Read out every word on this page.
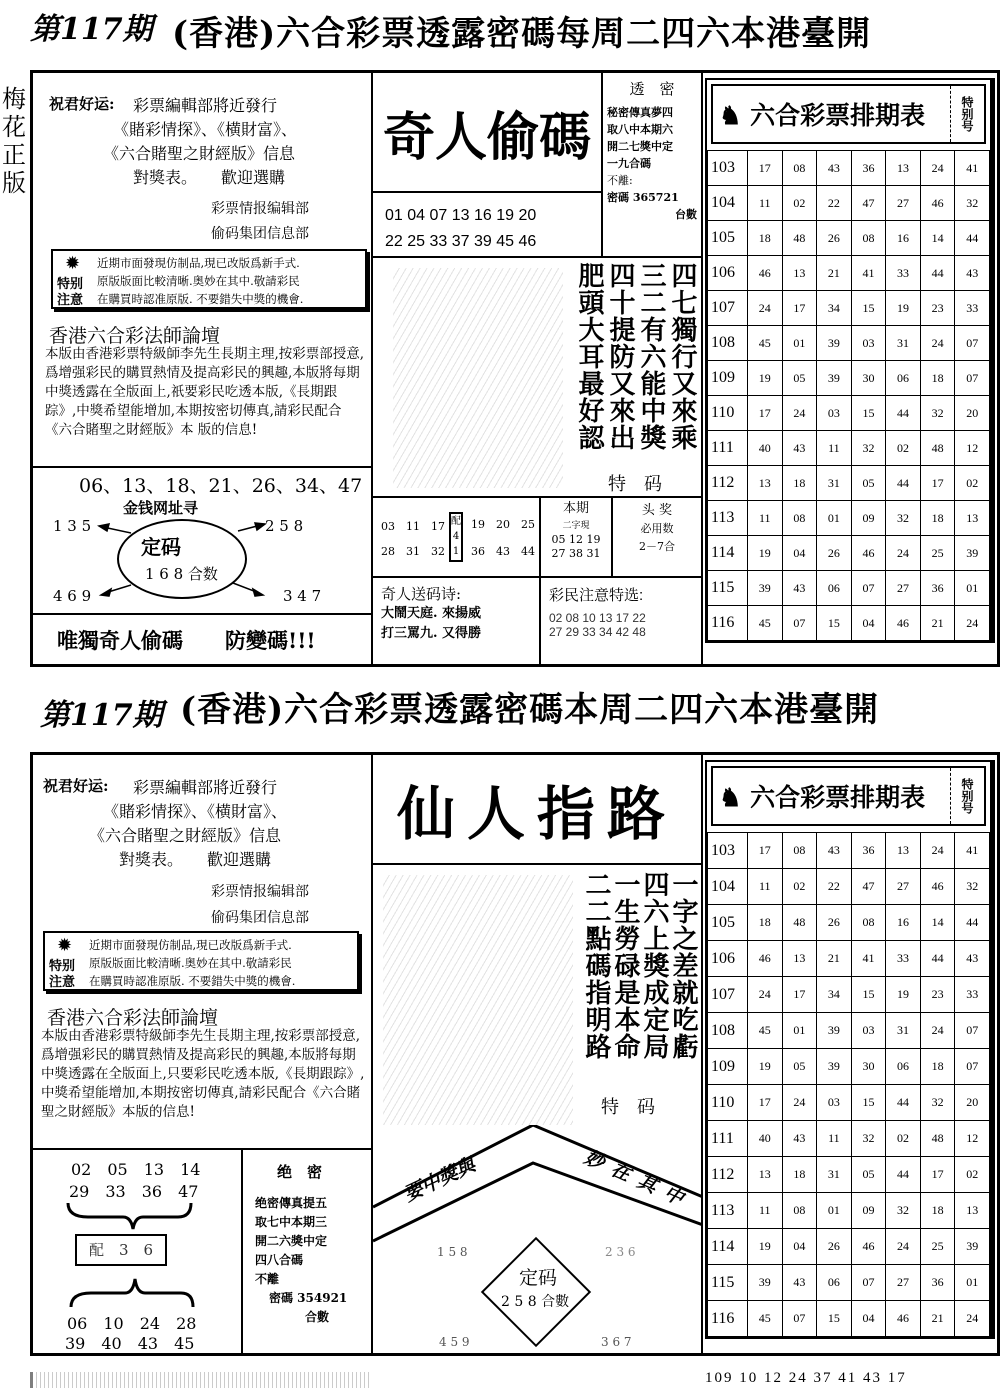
第117期 (香港)六合彩票透露密碼每周二四六本港臺開
梅花正版
祝君好运: 彩票編輯部將近發行
《賭彩情探》、《横財富》、
《六合賭聖之財經版》信息
對獎表。　　歡迎選購
彩票情报编辑部
偷码集团信息部
✹
特别
注意
近期市面發現仿制品,現已改版爲新手式.
原版版面比較清晰.奥妙在其中.敬請彩民
在購買時認准原版. 不要錯失中獎的機會.
香港六合彩法師論壇
本版由香港彩票特級師李先生長期主理,按彩票部授意,爲增强彩民的購買熱情及提高彩民的興趣,本版將每期中獎透露在全版面上,祇要彩民吃透本版,《長期跟踪》,中獎希望能增加,本期按密切傳真,請彩民配合《六合賭聖之財經版》本 版的信息!
06、13、18、21、26、34、47
金钱网址寻
定码
1 6 8 合数
1 3 5	2 5 8
4 6 9	3 4 7
唯獨奇人偷碼　　防變碼!!!
奇人偷碼
01 04 07 13 16 19 20
22 25 33 37 39 45 46
透　密
秘密傳真夢四
取八中本期六
開二七獎中定
一九合碼
不離:
密碼 365721
台數
四七獨行又來乘
三二有六能中獎
四十提防又來出
肥頭大耳最好認
特　码
03　11　17
28　31　32
配
4
1
19　20　25
36　43　44
本期
二字現
05 12 19
27 38 31
头 奖
必用数
2－7合
奇人送码诗:
大鬧天庭. 來揚威
打三罵九. 又得勝
彩民注意特选:
02 08 10 13 17 22
27 29 33 34 42 48
♞ 六合彩票排期表	特别号
103	17	08	43	36	13	24	41
104	11	02	22	47	27	46	32
105	18	48	26	08	16	14	44
106	46	13	21	41	33	44	43
107	24	17	34	15	19	23	33
108	45	01	39	03	31	24	07
109	19	05	39	30	06	18	07
110	17	24	03	15	44	32	20
111	40	43	11	32	02	48	12
112	13	18	31	05	44	17	02
113	11	08	01	09	32	18	13
114	19	04	26	46	24	25	39
115	39	43	06	07	27	36	01
116	45	07	15	04	46	21	24
第117期 (香港)六合彩票透露密碼本周二四六本港臺開
祝君好运: 彩票編輯部將近發行
《賭彩情探》、《横財富》、
《六合賭聖之財經版》信息
對獎表。　　歡迎選購
彩票情报编辑部
偷码集团信息部
✹
特别
注意
近期市面發現仿制品,現已改版爲新手式.
原版版面比較清晰.奥妙在其中.敬請彩民
在購買時認准原版. 不要錯失中獎的機會.
香港六合彩法師論壇
本版由香港彩票特級師李先生長期主理,按彩票部授意,爲增强彩民的購買熱情及提高彩民的興趣,本版將每期中獎透露在全版面上,只要彩民吃透本版,《長期跟踪》,中獎希望能增加,本期按密切傳真,請彩民配合《六合賭聖之財經版》本版的信息!
02　05　13　14
29　33　36　47
配　3　6
06　10　24　28
39　40　43　45
绝　密
绝密傳真提五
取七中本期三
開二六獎中定
四八合碼
不離
密碼 354921
合數
仙人指路
一字之差就吃虧
四六上獎成定局
一生勞碌是本命
二二點碼指明路
特　码
要中獎與	妙在其中
定码
2 5 8 合數
1 5 8	2 3 6
4 5 9	3 6 7
♞ 六合彩票排期表	特别号
103	17	08	43	36	13	24	41
104	11	02	22	47	27	46	32
105	18	48	26	08	16	14	44
106	46	13	21	41	33	44	43
107	24	17	34	15	19	23	33
108	45	01	39	03	31	24	07
109	19	05	39	30	06	18	07
110	17	24	03	15	44	32	20
111	40	43	11	32	02	48	12
112	13	18	31	05	44	17	02
113	11	08	01	09	32	18	13
114	19	04	26	46	24	25	39
115	39	43	06	07	27	36	01
116	45	07	15	04	46	21	24
109 10 12 24 37 41 43 17
